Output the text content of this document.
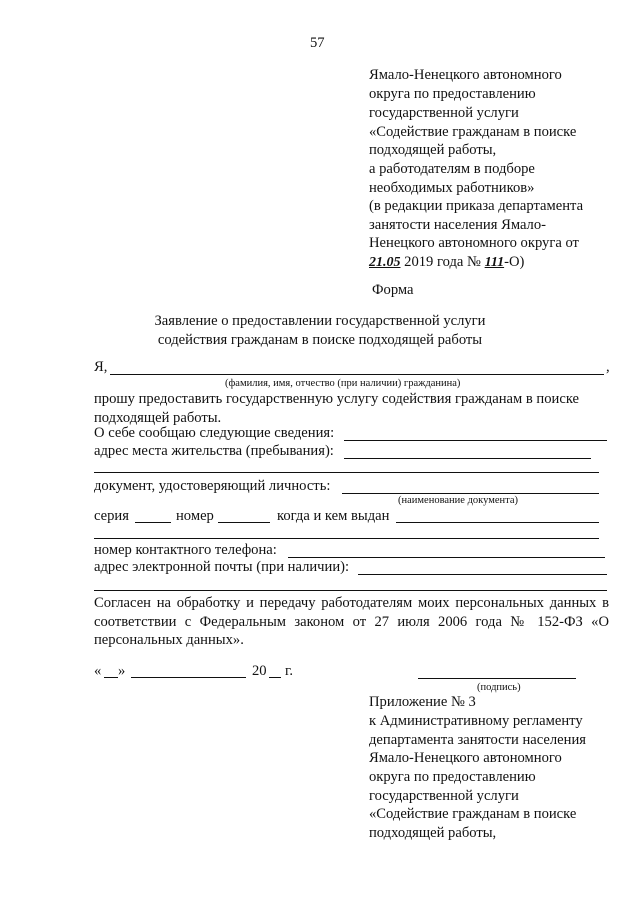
57
Ямало-Ненецкого автономного
округа по предоставлению
государственной услуги
«Содействие гражданам в поиске
подходящей работы,
а работодателям в подборе
необходимых работников»
(в редакции приказа департамента
занятости населения Ямало-
Ненецкого автономного округа от
21.05 2019 года № 111-О)
Форма
Заявление о предоставлении государственной услуги
содействия гражданам в поиске подходящей работы
Я,	,
(фамилия, имя, отчество (при наличии) гражданина)
прошу предоставить государственную услугу содействия гражданам в поиске
подходящей работы.
О себе сообщаю следующие сведения:
адрес места жительства (пребывания):
документ, удостоверяющий личность:
(наименование документа)
серия	номер	когда и кем выдан
номер контактного телефона:
адрес электронной почты (при наличии):
Согласен на обработку и передачу работодателям моих персональных данных в соответствии с Федеральным законом от 27 июля 2006 года № 152-ФЗ «О персональных данных».
« »	20 г.
(подпись)
Приложение № 3
к Административному регламенту
департамента занятости населения
Ямало-Ненецкого автономного
округа по предоставлению
государственной услуги
«Содействие гражданам в поиске
подходящей работы,
